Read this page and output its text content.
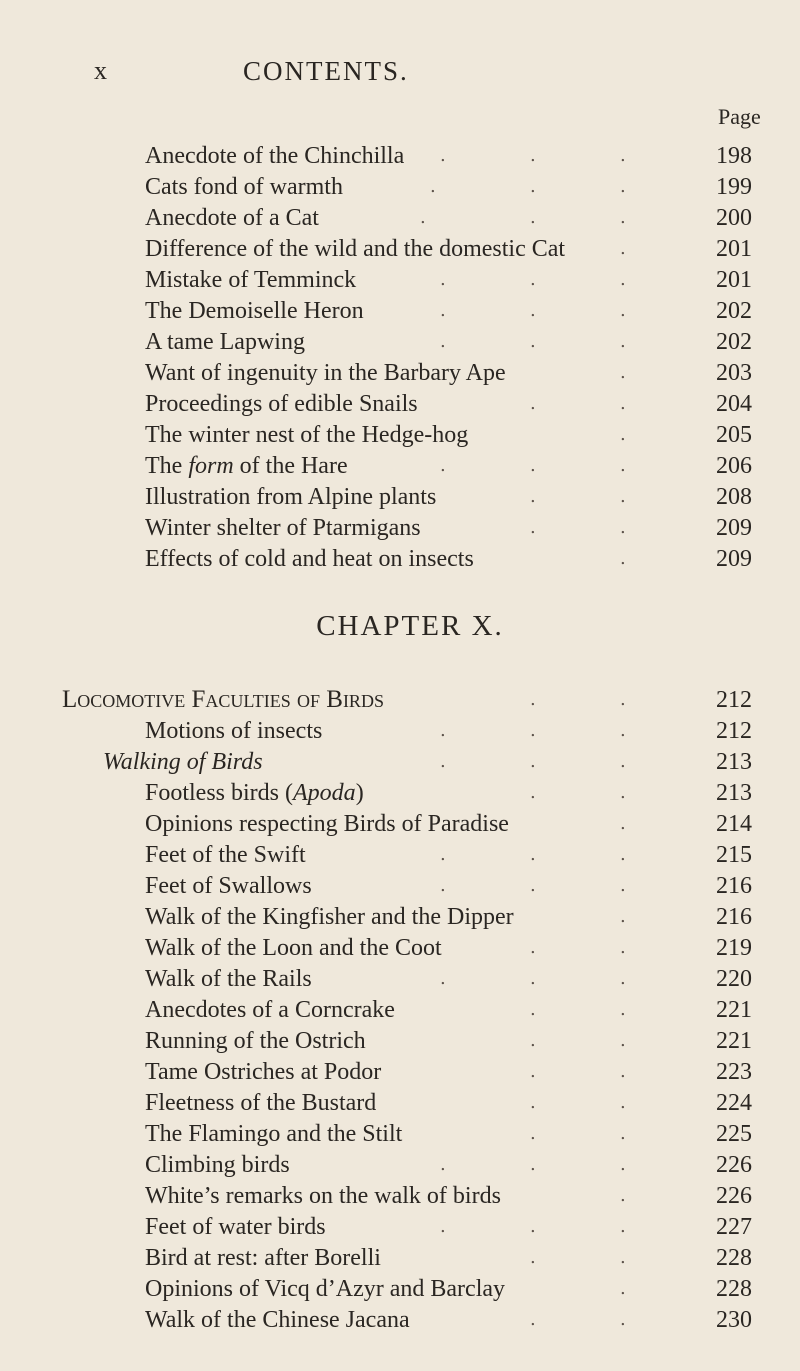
x	CONTENTS.
Page
Anecdote of the Chinchilla .	.	.	198
Cats fond of warmth	.	.	.	199
Anecdote of a Cat	.	.	.	200
Difference of the wild and the domestic Cat	.	201
Mistake of Temminck	.	.	.	201
The Demoiselle Heron	.	.	.	202
A tame Lapwing	.	.	.	202
Want of ingenuity in the Barbary Ape	.	203
Proceedings of edible Snails	.	.	204
The winter nest of the Hedge-hog	.	205
The form of the Hare	.	.	.	206
Illustration from Alpine plants	.	.	208
Winter shelter of Ptarmigans	.	.	209
Effects of cold and heat on insects	.	209
CHAPTER X.
Locomotive Faculties of Birds	.	.	212
Motions of insects	.	.	.	212
Walking of Birds	.	.	.	213
Footless birds (Apoda)	.	.	213
Opinions respecting Birds of Paradise	.	214
Feet of the Swift	.	.	.	215
Feet of Swallows	.	.	.	216
Walk of the Kingfisher and the Dipper	.	216
Walk of the Loon and the Coot	.	.	219
Walk of the Rails	.	.	.	220
Anecdotes of a Corncrake	.	.	221
Running of the Ostrich	.	.	221
Tame Ostriches at Podor	.	.	223
Fleetness of the Bustard	.	.	224
The Flamingo and the Stilt	.	.	225
Climbing birds	.	.	.	226
White’s remarks on the walk of birds	.	226
Feet of water birds	.	.	.	227
Bird at rest: after Borelli	.	.	228
Opinions of Vicq d’Azyr and Barclay	.	228
Walk of the Chinese Jacana	.	.	230
